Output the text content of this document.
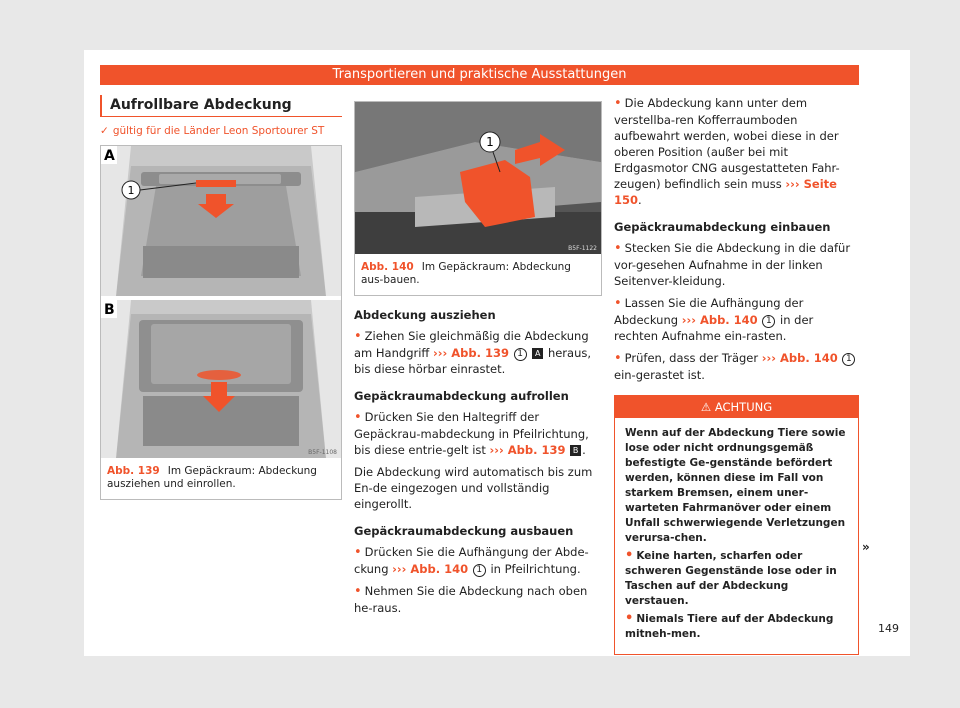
Transportieren und praktische Ausstattungen
Aufrollbare Abdeckung
✓ gültig für die Länder Leon Sportourer ST
1
A
B
B5F-1108
Abb. 139 Im Gepäckraum: Abdeckung ausziehen und einrollen.
1
B5F-1122
Abb. 140 Im Gepäckraum: Abdeckung aus-bauen.
Abdeckung ausziehen

• Ziehen Sie gleichmäßig die Abdeckung am Handgriff ››› Abb. 139 1 A heraus, bis diese hörbar einrastet.

Gepäckraumabdeckung aufrollen

• Drücken Sie den Haltegriff der Gepäckrau-mabdeckung in Pfeilrichtung, bis diese entrie-gelt ist ››› Abb. 139 B .

Die Abdeckung wird automatisch bis zum En-de eingezogen und vollständig eingerollt.

Gepäckraumabdeckung ausbauen

• Drücken Sie die Aufhängung der Abde-ckung ››› Abb. 140 1 in Pfeilrichtung.

• Nehmen Sie die Abdeckung nach oben he-raus.

• Die Abdeckung kann unter dem verstellba-ren Kofferraumboden aufbewahrt werden, wobei diese in der oberen Position (außer bei mit Erdgasmotor CNG ausgestatteten Fahr-zeugen) befindlich sein muss ››› Seite 150.

Gepäckraumabdeckung einbauen

• Stecken Sie die Abdeckung in die dafür vor-gesehen Aufnahme in der linken Seitenver-kleidung.

• Lassen Sie die Aufhängung der Abdeckung ››› Abb. 140 1 in der rechten Aufnahme ein-rasten.

• Prüfen, dass der Träger ››› Abb. 140 1 ein-gerastet ist.

⚠ ACHTUNG

Wenn auf der Abdeckung Tiere sowie lose oder nicht ordnungsgemäß befestigte Ge-genstände befördert werden, können diese im Fall von starkem Bremsen, einem uner-warteten Fahrmanöver oder einem Unfall schwerwiegende Verletzungen verursa-chen.

• Keine harten, scharfen oder schweren Gegenstände lose oder in Taschen auf der Abdeckung verstauen.

• Niemals Tiere auf der Abdeckung mitneh-men.

»
149
